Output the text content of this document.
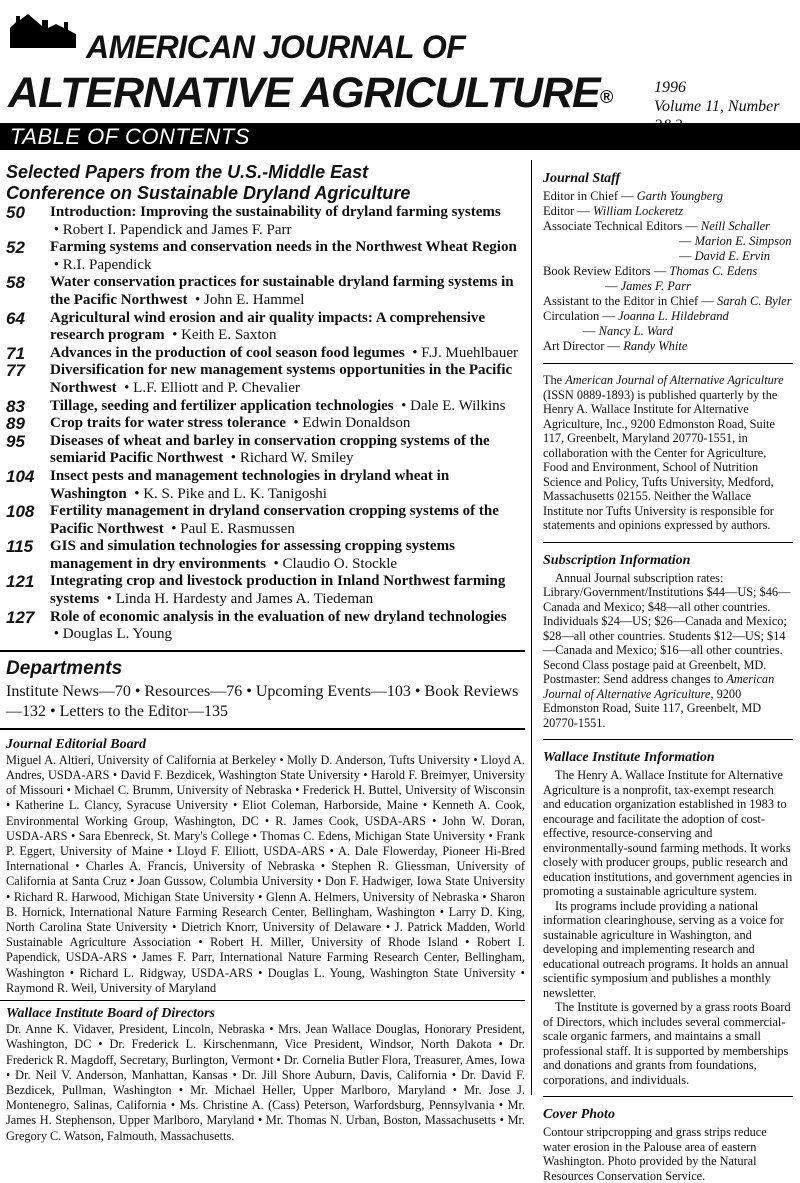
AMERICAN JOURNAL OF
ALTERNATIVE AGRICULTURE®	1996
Volume 11, Number
TABLE OF CONTENTS
Selected Papers from the U.S.-Middle East
Conference on Sustainable Dryland Agriculture
50	Introduction: Improving the sustainability of dryland farming systems  • Robert I. Papendick and James F. Parr
52	Farming systems and conservation needs in the Northwest Wheat Region  • R.I. Papendick
58	Water conservation practices for sustainable dryland farming systems in the Pacific Northwest  • John E. Hammel
64	Agricultural wind erosion and air quality impacts: A comprehensive research program  • Keith E. Saxton
71	Advances in the production of cool season food legumes  • F.J. Muehlbauer
77	Diversification for new management systems opportunities in the Pacific Northwest  • L.F. Elliott and P. Chevalier
83	Tillage, seeding and fertilizer application technologies  • Dale E. Wilkins
89	Crop traits for water stress tolerance  • Edwin Donaldson
95	Diseases of wheat and barley in conservation cropping systems of the semiarid Pacific Northwest  • Richard W. Smiley
104	Insect pests and management technologies in dryland wheat in Washington  • K. S. Pike and L. K. Tanigoshi
108	Fertility management in dryland conservation cropping systems of the Pacific Northwest  • Paul E. Rasmussen
115	GIS and simulation technologies for assessing cropping systems management in dry environments  • Claudio O. Stockle
121	Integrating crop and livestock production in Inland Northwest farming systems  • Linda H. Hardesty and James A. Tiedeman
127	Role of economic analysis in the evaluation of new dryland technologies  • Douglas L. Young
Departments
Institute News—70 • Resources—76 • Upcoming Events—103 • Book Reviews—132 • Letters to the Editor—135
Journal Editorial Board
Miguel A. Altieri, University of California at Berkeley • Molly D. Anderson, Tufts University • Lloyd A. Andres, USDA-ARS • David F. Bezdicek, Washington State University • Harold F. Breimyer, University of Missouri • Michael C. Brumm, University of Nebraska • Frederick H. Buttel, University of Wisconsin • Katherine L. Clancy, Syracuse University • Eliot Coleman, Harborside, Maine • Kenneth A. Cook, Environmental Working Group, Washington, DC • R. James Cook, USDA-ARS • John W. Doran, USDA-ARS • Sara Ebenreck, St. Mary's College • Thomas C. Edens, Michigan State University • Frank P. Eggert, University of Maine • Lloyd F. Elliott, USDA-ARS • A. Dale Flowerday, Pioneer Hi-Bred International • Charles A. Francis, University of Nebraska • Stephen R. Gliessman, University of California at Santa Cruz • Joan Gussow, Columbia University • Don F. Hadwiger, Iowa State University • Richard R. Harwood, Michigan State University • Glenn A. Helmers, University of Nebraska • Sharon B. Hornick, International Nature Farming Research Center, Bellingham, Washington • Larry D. King, North Carolina State University • Dietrich Knorr, University of Delaware • J. Patrick Madden, World Sustainable Agriculture Association • Robert H. Miller, University of Rhode Island • Robert I. Papendick, USDA-ARS • James F. Parr, International Nature Farming Research Center, Bellingham, Washington • Richard L. Ridgway, USDA-ARS • Douglas L. Young, Washington State University • Raymond R. Weil, University of Maryland
Wallace Institute Board of Directors
Dr. Anne K. Vidaver, President, Lincoln, Nebraska • Mrs. Jean Wallace Douglas, Honorary President, Washington, DC • Dr. Frederick L. Kirschenmann, Vice President, Windsor, North Dakota • Dr. Frederick R. Magdoff, Secretary, Burlington, Vermont • Dr. Cornelia Butler Flora, Treasurer, Ames, Iowa • Dr. Neil V. Anderson, Manhattan, Kansas • Dr. Jill Shore Auburn, Davis, California • Dr. David F. Bezdicek, Pullman, Washington • Mr. Michael Heller, Upper Marlboro, Maryland • Mr. Jose J. Montenegro, Salinas, California • Ms. Christine A. (Cass) Peterson, Warfordsburg, Pennsylvania • Mr. James H. Stephenson, Upper Marlboro, Maryland • Mr. Thomas N. Urban, Boston, Massachusetts • Mr. Gregory C. Watson, Falmouth, Massachusetts.
Journal Staff
Editor in Chief — Garth Youngberg
Editor — William Lockeretz
Associate Technical Editors — Neill Schaller
— Marion E. Simpson
— David E. Ervin
Book Review Editors — Thomas C. Edens
— James F. Parr
Assistant to the Editor in Chief — Sarah C. Byler
Circulation — Joanna L. Hildebrand
— Nancy L. Ward
Art Director — Randy White

The American Journal of Alternative Agriculture (ISSN 0889-1893) is published quarterly by the Henry A. Wallace Institute for Alternative Agriculture, Inc., 9200 Edmonston Road, Suite 117, Greenbelt, Maryland 20770-1551, in collaboration with the Center for Agriculture, Food and Environment, School of Nutrition Science and Policy, Tufts University, Medford, Massachusetts 02155. Neither the Wallace Institute nor Tufts University is responsible for statements and opinions expressed by authors.

Subscription Information

Annual Journal subscription rates: Library/Government/Institutions $44—US; $46—Canada and Mexico; $48—all other countries. Individuals $24—US; $26—Canada and Mexico; $28—all other countries. Students $12—US; $14—Canada and Mexico; $16—all other countries. Second Class postage paid at Greenbelt, MD. Postmaster: Send address changes to American Journal of Alternative Agriculture, 9200 Edmonston Road, Suite 117, Greenbelt, MD 20770-1551.

Wallace Institute Information

The Henry A. Wallace Institute for Alternative Agriculture is a nonprofit, tax-exempt research and education organization established in 1983 to encourage and facilitate the adoption of cost-effective, resource-conserving and environmentally-sound farming methods. It works closely with producer groups, public research and education institutions, and government agencies in promoting a sustainable agriculture system.

Its programs include providing a national information clearinghouse, serving as a voice for sustainable agriculture in Washington, and developing and implementing research and educational outreach programs. It holds an annual scientific symposium and publishes a monthly newsletter.

The Institute is governed by a grass roots Board of Directors, which includes several commercial-scale organic farmers, and maintains a small professional staff. It is supported by memberships and donations and grants from foundations, corporations, and individuals.

Cover Photo

Contour stripcropping and grass strips reduce water erosion in the Palouse area of eastern Washington. Photo provided by the Natural Resources Conservation Service.
